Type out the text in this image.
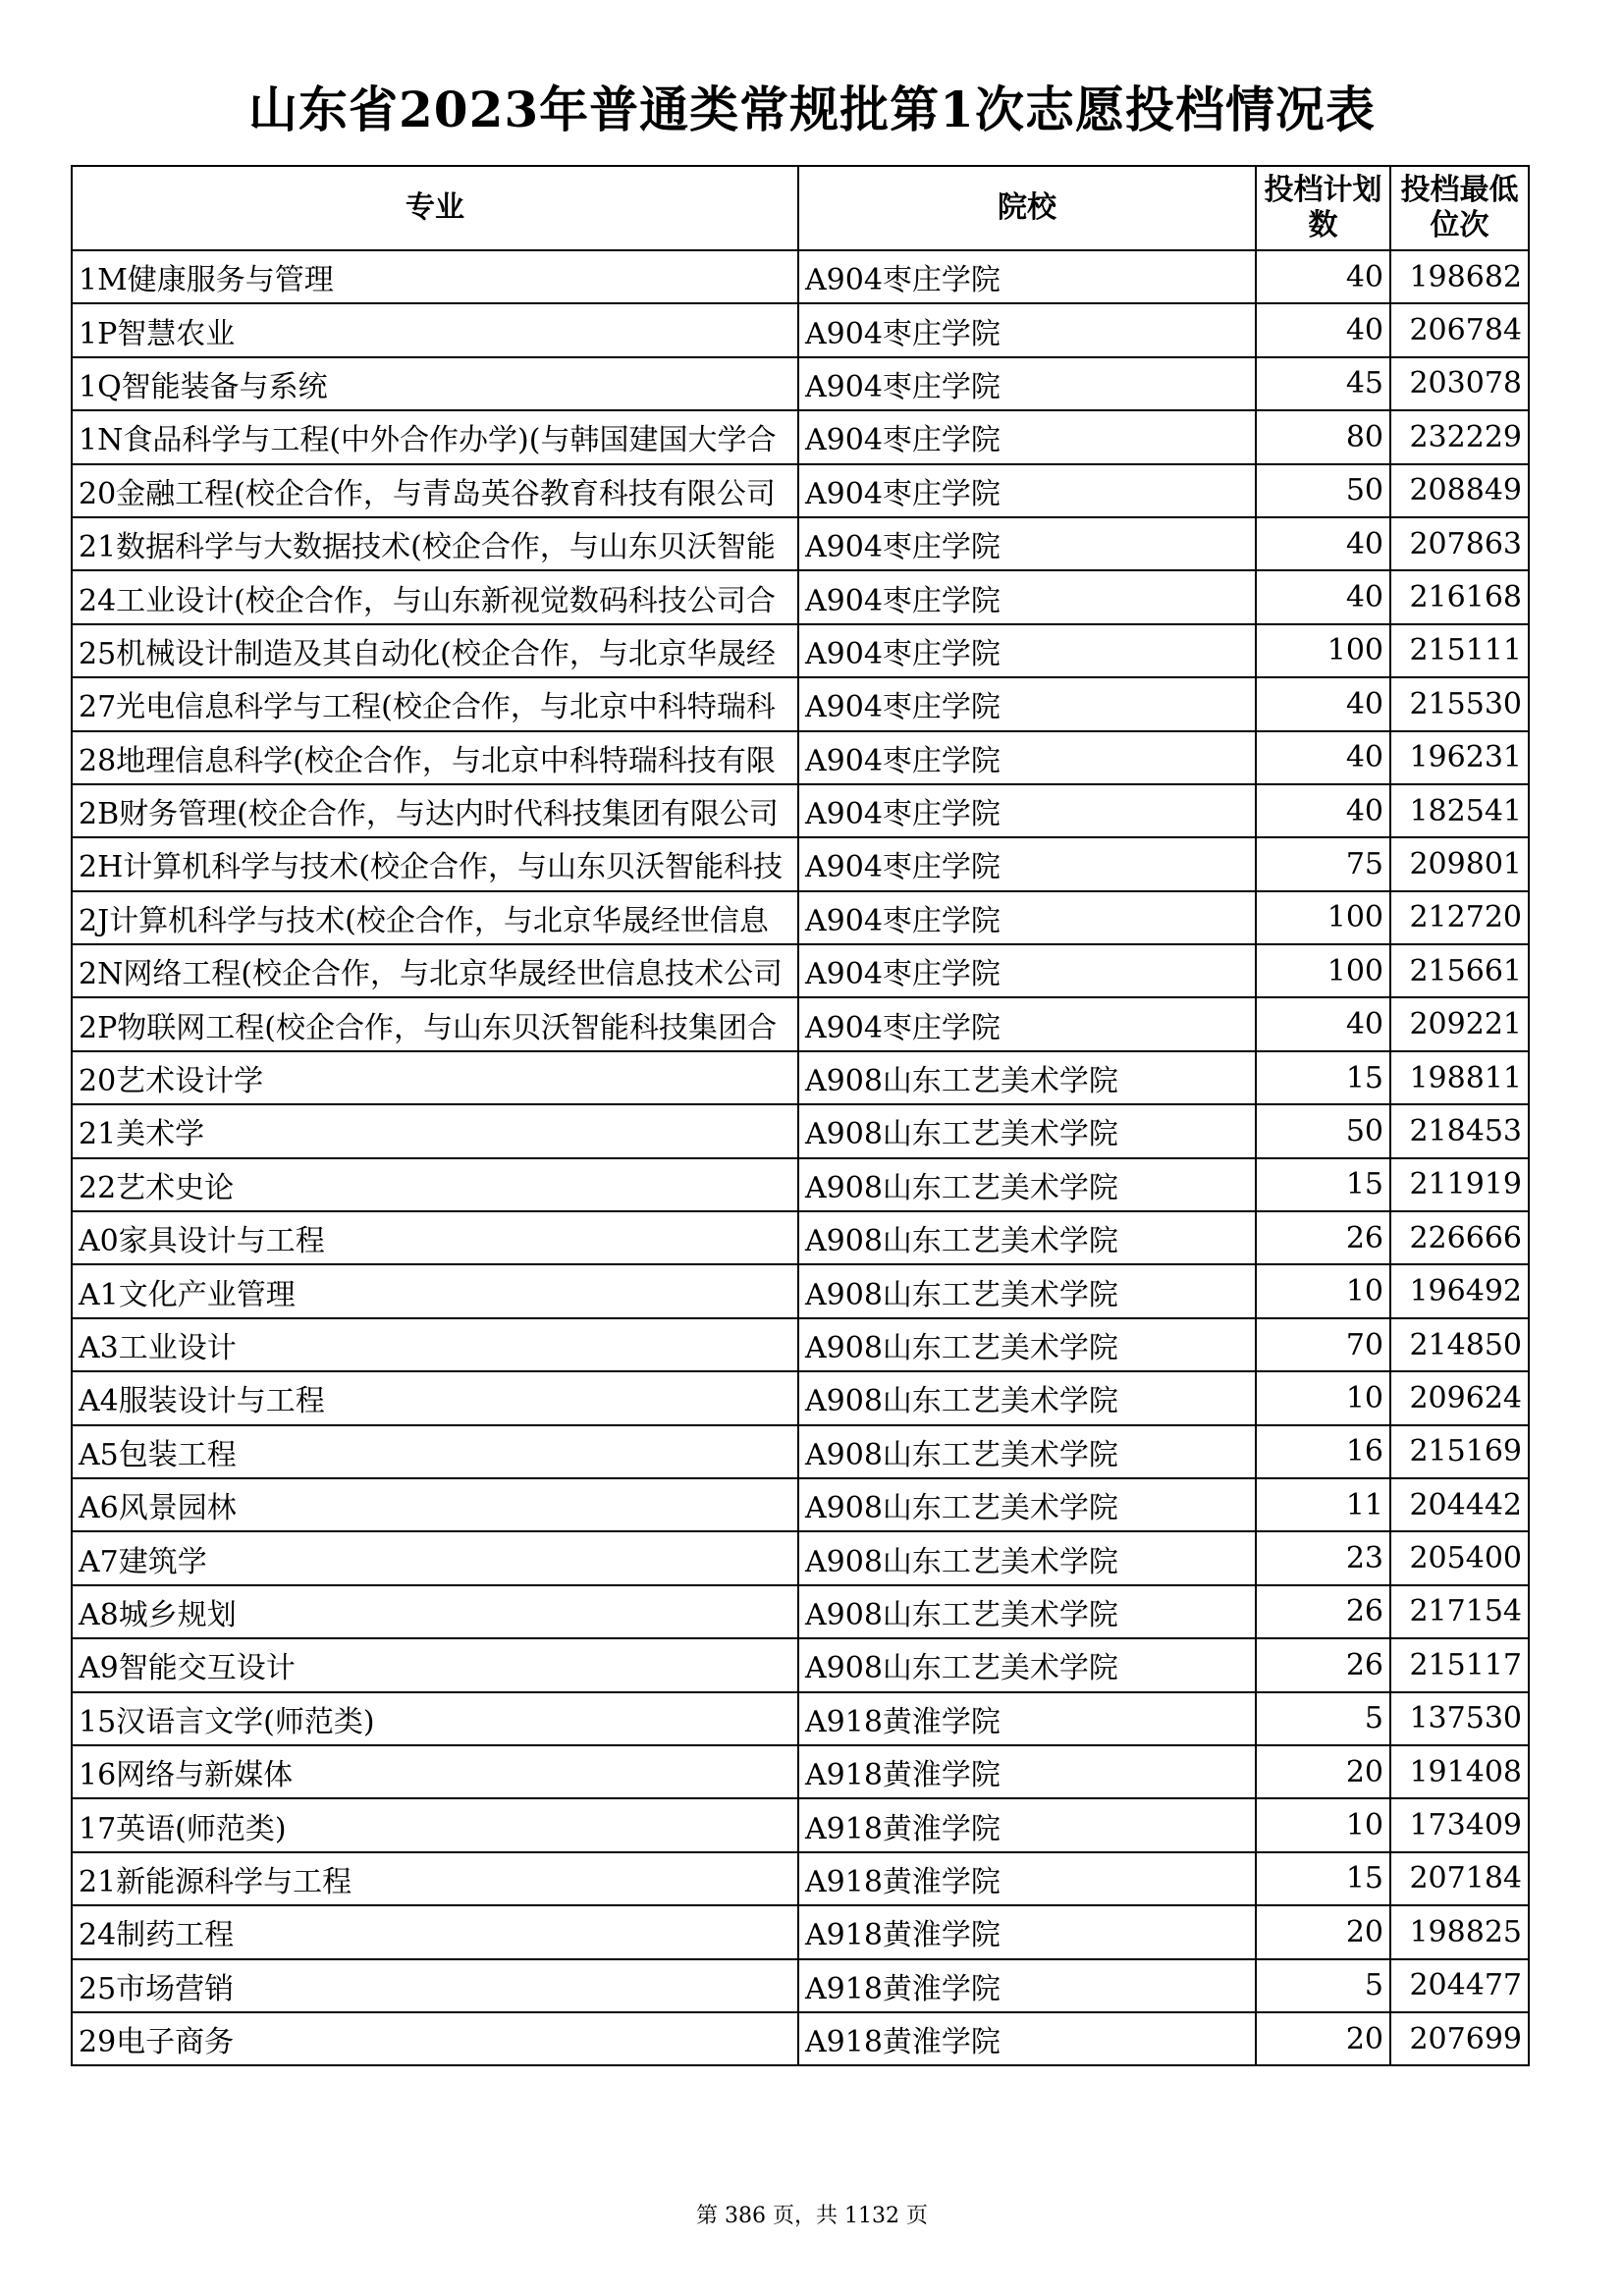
山东省2023年普通类常规批第1次志愿投档情况表
专业	院校	投档计划数	投档最低位次
1M健康服务与管理	A904枣庄学院	40	198682
1P智慧农业	A904枣庄学院	40	206784
1Q智能装备与系统	A904枣庄学院	45	203078
1N食品科学与工程(中外合作办学)(与韩国建国大学合	A904枣庄学院	80	232229
20金融工程(校企合作，与青岛英谷教育科技有限公司	A904枣庄学院	50	208849
21数据科学与大数据技术(校企合作，与山东贝沃智能	A904枣庄学院	40	207863
24工业设计(校企合作，与山东新视觉数码科技公司合	A904枣庄学院	40	216168
25机械设计制造及其自动化(校企合作，与北京华晟经	A904枣庄学院	100	215111
27光电信息科学与工程(校企合作，与北京中科特瑞科	A904枣庄学院	40	215530
28地理信息科学(校企合作，与北京中科特瑞科技有限	A904枣庄学院	40	196231
2B财务管理(校企合作，与达内时代科技集团有限公司	A904枣庄学院	40	182541
2H计算机科学与技术(校企合作，与山东贝沃智能科技	A904枣庄学院	75	209801
2J计算机科学与技术(校企合作，与北京华晟经世信息	A904枣庄学院	100	212720
2N网络工程(校企合作，与北京华晟经世信息技术公司	A904枣庄学院	100	215661
2P物联网工程(校企合作，与山东贝沃智能科技集团合	A904枣庄学院	40	209221
20艺术设计学	A908山东工艺美术学院	15	198811
21美术学	A908山东工艺美术学院	50	218453
22艺术史论	A908山东工艺美术学院	15	211919
A0家具设计与工程	A908山东工艺美术学院	26	226666
A1文化产业管理	A908山东工艺美术学院	10	196492
A3工业设计	A908山东工艺美术学院	70	214850
A4服装设计与工程	A908山东工艺美术学院	10	209624
A5包装工程	A908山东工艺美术学院	16	215169
A6风景园林	A908山东工艺美术学院	11	204442
A7建筑学	A908山东工艺美术学院	23	205400
A8城乡规划	A908山东工艺美术学院	26	217154
A9智能交互设计	A908山东工艺美术学院	26	215117
15汉语言文学(师范类)	A918黄淮学院	5	137530
16网络与新媒体	A918黄淮学院	20	191408
17英语(师范类)	A918黄淮学院	10	173409
21新能源科学与工程	A918黄淮学院	15	207184
24制药工程	A918黄淮学院	20	198825
25市场营销	A918黄淮学院	5	204477
29电子商务	A918黄淮学院	20	207699
第 386 页，共 1132 页
